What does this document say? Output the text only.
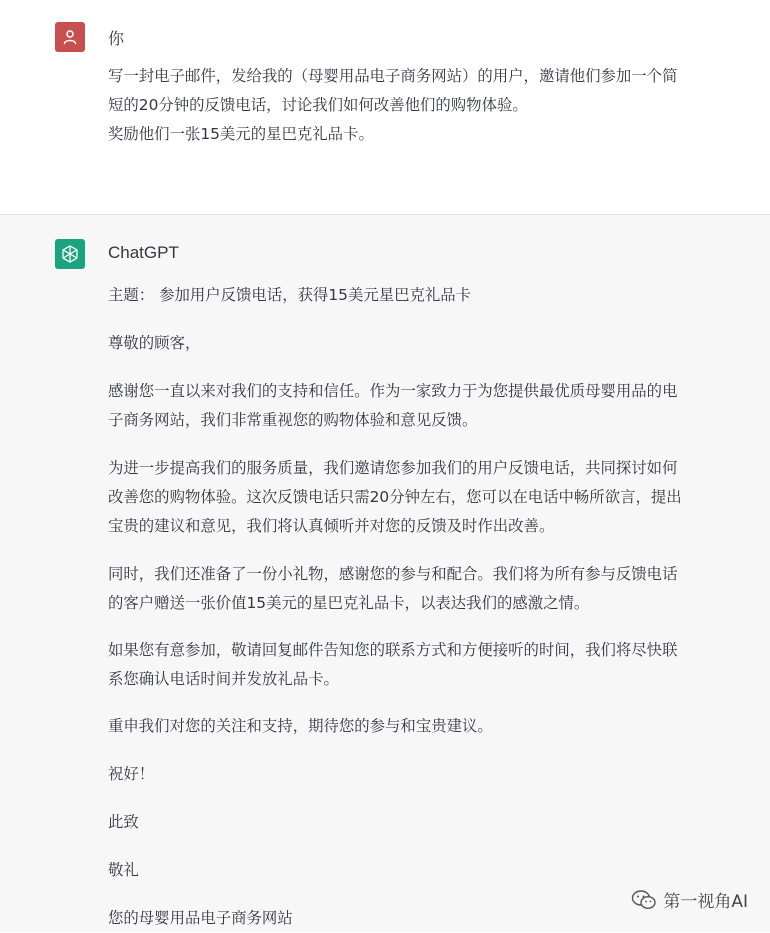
你
写一封电子邮件，发给我的（母婴用品电子商务网站）的用户，邀请他们参加一个简
短的20分钟的反馈电话，讨论我们如何改善他们的购物体验。
奖励他们一张15美元的星巴克礼品卡。
ChatGPT

主题： 参加用户反馈电话，获得15美元星巴克礼品卡

尊敬的顾客，

感谢您一直以来对我们的支持和信任。作为一家致力于为您提供最优质母婴用品的电
子商务网站，我们非常重视您的购物体验和意见反馈。

为进一步提高我们的服务质量，我们邀请您参加我们的用户反馈电话，共同探讨如何
改善您的购物体验。这次反馈电话只需20分钟左右，您可以在电话中畅所欲言，提出
宝贵的建议和意见，我们将认真倾听并对您的反馈及时作出改善。

同时，我们还准备了一份小礼物，感谢您的参与和配合。我们将为所有参与反馈电话
的客户赠送一张价值15美元的星巴克礼品卡，以表达我们的感激之情。

如果您有意参加，敬请回复邮件告知您的联系方式和方便接听的时间，我们将尽快联
系您确认电话时间并发放礼品卡。

重申我们对您的关注和支持，期待您的参与和宝贵建议。

祝好！

此致

敬礼

您的母婴用品电子商务网站

第一视角AI
